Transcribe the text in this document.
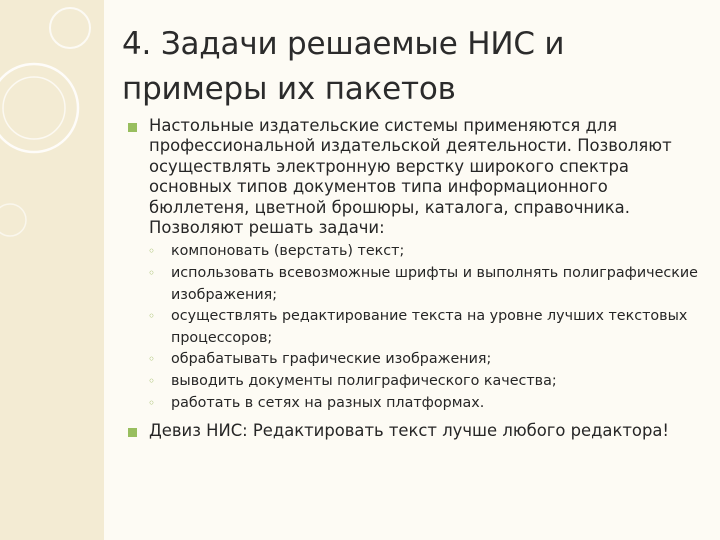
4. Задачи решаемые НИС и примеры их пакетов
Настольные издательские системы применяются для профессиональной издательской деятельности. Позволяют осуществлять электронную верстку широкого спектра основных типов документов типа информационного бюллетеня, цветной брошюры, каталога, справочника. Позволяют решать задачи:
◦ компоновать (верстать) текст;
◦ использовать всевозможные шрифты и выполнять полиграфические изображения;
◦ осуществлять редактирование текста на уровне лучших текстовых процессоров;
◦ обрабатывать графические изображения;
◦ выводить документы полиграфического качества;
◦ работать в сетях на разных платформах.
Девиз НИС: Редактировать текст лучше любого редактора!
